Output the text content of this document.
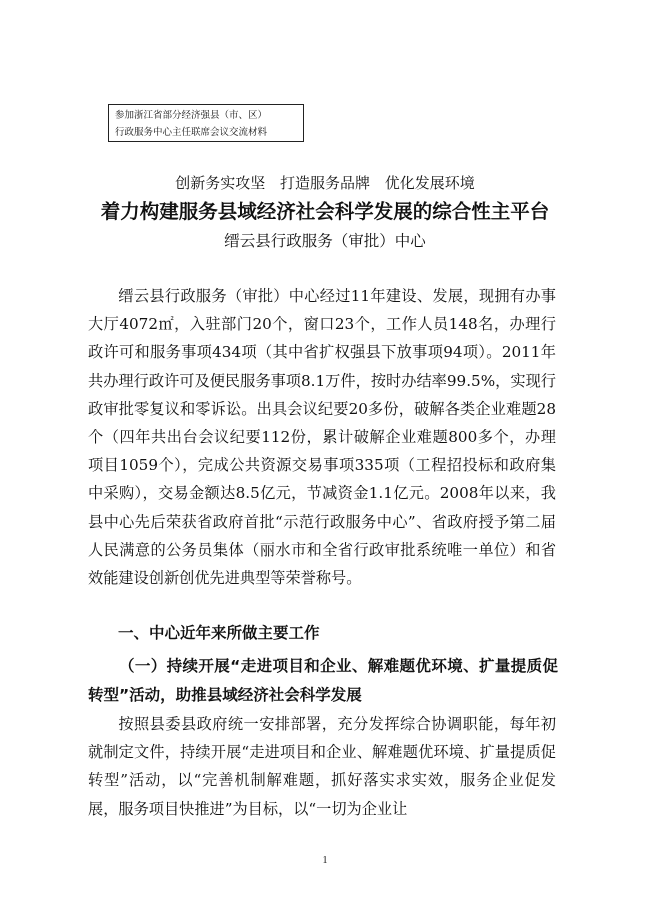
参加浙江省部分经济强县（市、区）
行政服务中心主任联席会议交流材料
创新务实攻坚 打造服务品牌 优化发展环境
着力构建服务县域经济社会科学发展的综合性主平台
缙云县行政服务（审批）中心

缙云县行政服务（审批）中心经过11年建设、发展，现拥有办事大厅4072㎡，入驻部门20个，窗口23个，工作人员148名，办理行政许可和服务事项434项（其中省扩权强县下放事项94项）。2011年共办理行政许可及便民服务事项8.1万件，按时办结率99.5%，实现行政审批零复议和零诉讼。出具会议纪要20多份，破解各类企业难题28个（四年共出台会议纪要112份，累计破解企业难题800多个，办理项目1059个），完成公共资源交易事项335项（工程招投标和政府集中采购），交易金额达8.5亿元，节减资金1.1亿元。2008年以来，我县中心先后荣获省政府首批“示范行政服务中心”、省政府授予第二届人民满意的公务员集体（丽水市和全省行政审批系统唯一单位）和省效能建设创新创优先进典型等荣誉称号。

一、中心近年来所做主要工作

（一）持续开展“走进项目和企业、解难题优环境、扩量提质促转型”活动，助推县域经济社会科学发展

按照县委县政府统一安排部署，充分发挥综合协调职能，每年初就制定文件，持续开展“走进项目和企业、解难题优环境、扩量提质促转型”活动，以“完善机制解难题，抓好落实求实效，服务企业促发展，服务项目快推进”为目标，以“一切为企业让

1
